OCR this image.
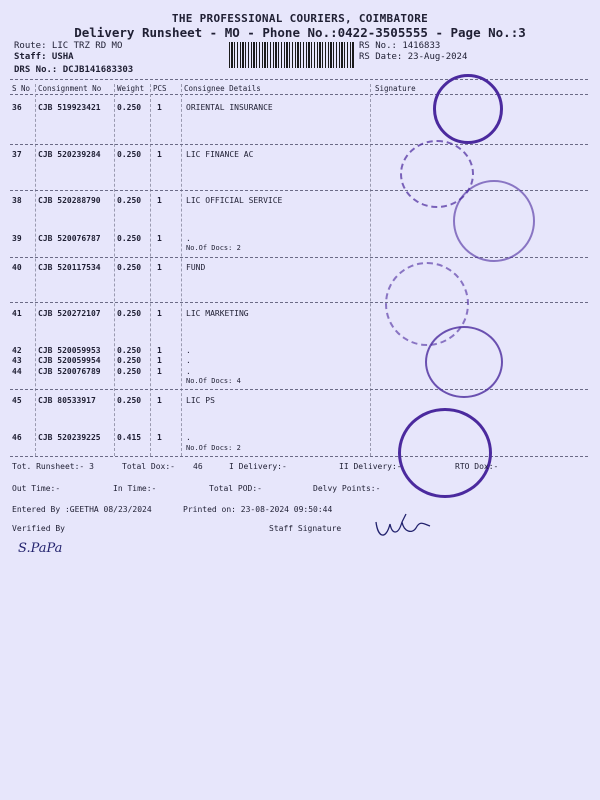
THE PROFESSIONAL COURIERS, COIMBATORE
Delivery Runsheet - MO - Phone No.:0422-3505555 - Page No.:3
Route: LIC TRZ RD MO
Staff: USHA
DRS No.: DCJB141683303
RS No.: 1416833
RS Date: 23-Aug-2024
S No Consignment No Weight PCS Consignee Details	Signature
36 CJB 519923421 0.250 1	ORIENTAL INSURANCE
37 CJB 520239284 0.250 1	LIC FINANCE AC
38 CJB 520288790 0.250 1	LIC OFFICIAL SERVICE
39 CJB 520076787 0.250 1	.
No.Of Docs: 2
40 CJB 520117534 0.250 1	FUND
41 CJB 520272107 0.250 1	LIC MARKETING
42 CJB 520059953 0.250 1	.
43 CJB 520059954 0.250 1	.
44 CJB 520076789 0.250 1	.
No.Of Docs: 4
45 CJB 80533917	0.250 1	LIC PS
46 CJB 520239225 0.415 1	.
No.Of Docs: 2
Tot. Runsheet:- 3	Total Dox:- 46	I Delivery:-	II Delivery:-	RTO Dox:-
Out Time:-	In Time:-	Total POD:-	Delvy Points:-
Entered By :GEETHA 08/23/2024	Printed on: 23-08-2024 09:50:44
Verified By	Staff Signature
S.PaPa
